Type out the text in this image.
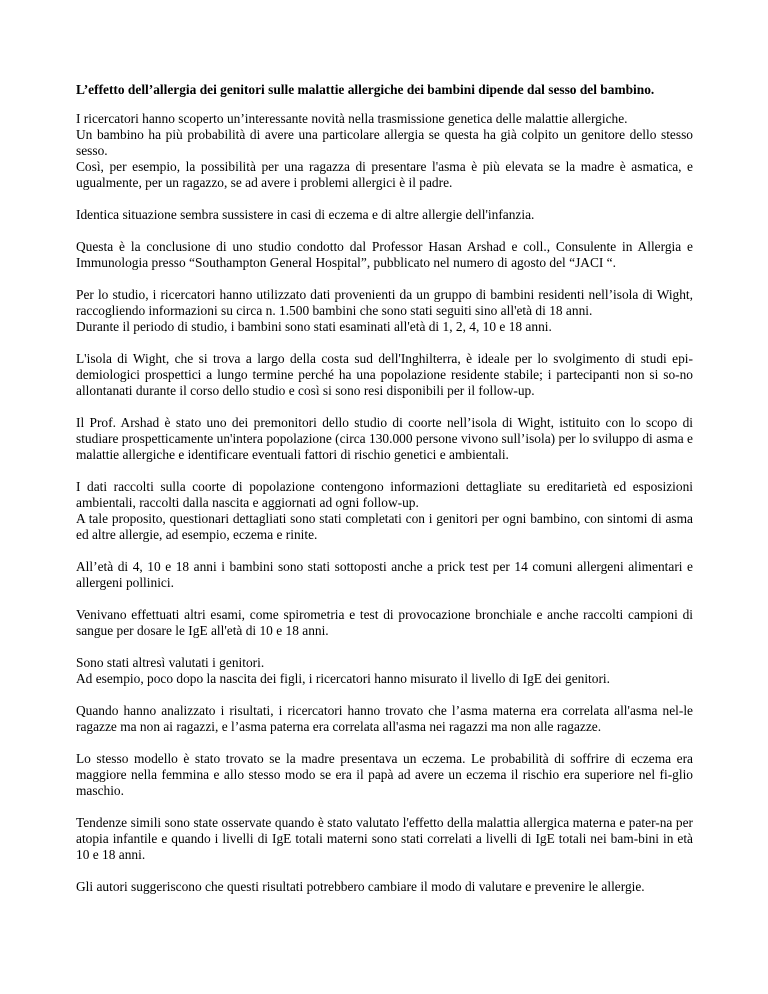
L’effetto dell’allergia dei genitori sulle malattie allergiche dei bambini dipende dal sesso del bambino.
I ricercatori hanno scoperto un’interessante novità nella trasmissione genetica delle malattie allergiche.
Un bambino ha più probabilità di avere una particolare allergia se questa ha già colpito un genitore dello stesso sesso.
Così, per esempio, la possibilità per una ragazza di presentare l'asma è più elevata se la madre è asmatica, e ugualmente, per un ragazzo, se ad avere i problemi allergici è il padre.
Identica situazione sembra sussistere in casi di eczema e di altre allergie dell'infanzia.
Questa è la conclusione di uno studio condotto dal Professor Hasan Arshad e coll., Consulente in Allergia e Immunologia presso “Southampton General Hospital”, pubblicato nel numero di agosto del “JACI “.
Per lo studio, i ricercatori hanno utilizzato dati provenienti da un gruppo di bambini residenti nell’isola di Wight, raccogliendo informazioni su circa n. 1.500 bambini che sono stati seguiti sino all'età di 18 anni.
Durante il periodo di studio, i bambini sono stati esaminati all'età di 1, 2, 4, 10 e 18 anni.
L'isola di Wight, che si trova a largo della costa sud dell'Inghilterra, è ideale per lo svolgimento di studi epi-demiologici prospettici a lungo termine perché ha una popolazione residente stabile; i partecipanti non si so-no allontanati durante il corso dello studio e così si sono resi disponibili per il follow-up.
Il Prof. Arshad è stato uno dei premonitori dello studio di coorte nell’isola di Wight, istituito con lo scopo di studiare prospetticamente un'intera popolazione (circa 130.000 persone vivono sull’isola) per lo sviluppo di asma e malattie allergiche e identificare eventuali fattori di rischio genetici e ambientali.
I dati raccolti sulla coorte di popolazione contengono informazioni dettagliate su ereditarietà ed esposizioni ambientali, raccolti dalla nascita e aggiornati ad ogni follow-up.
A tale proposito, questionari dettagliati sono stati completati con i genitori per ogni bambino, con sintomi di asma ed altre allergie, ad esempio, eczema e rinite.
All’età di 4, 10 e 18 anni i bambini sono stati sottoposti anche a prick test per 14 comuni allergeni alimentari e allergeni pollinici.
Venivano effettuati altri esami, come spirometria e test di provocazione bronchiale e anche raccolti campioni di sangue per dosare le IgE all'età di 10 e 18 anni.
Sono stati altresì valutati i genitori.
Ad esempio, poco dopo la nascita dei figli, i ricercatori hanno misurato il livello di IgE dei genitori.
Quando hanno analizzato i risultati, i ricercatori hanno trovato che l’asma materna era correlata all'asma nel-le ragazze ma non ai ragazzi, e l’asma paterna era correlata all'asma nei ragazzi ma non alle ragazze.
Lo stesso modello è stato trovato se la madre presentava un eczema. Le probabilità di soffrire di eczema era maggiore nella femmina e allo stesso modo se era il papà ad avere un eczema il rischio era superiore nel fi-glio maschio.
Tendenze simili sono state osservate quando è stato valutato l'effetto della malattia allergica materna e pater-na per atopia infantile e quando i livelli di IgE totali materni sono stati correlati a livelli di IgE totali nei bam-bini in età 10 e 18 anni.
Gli autori suggeriscono che questi risultati potrebbero cambiare il modo di valutare e prevenire le allergie.
